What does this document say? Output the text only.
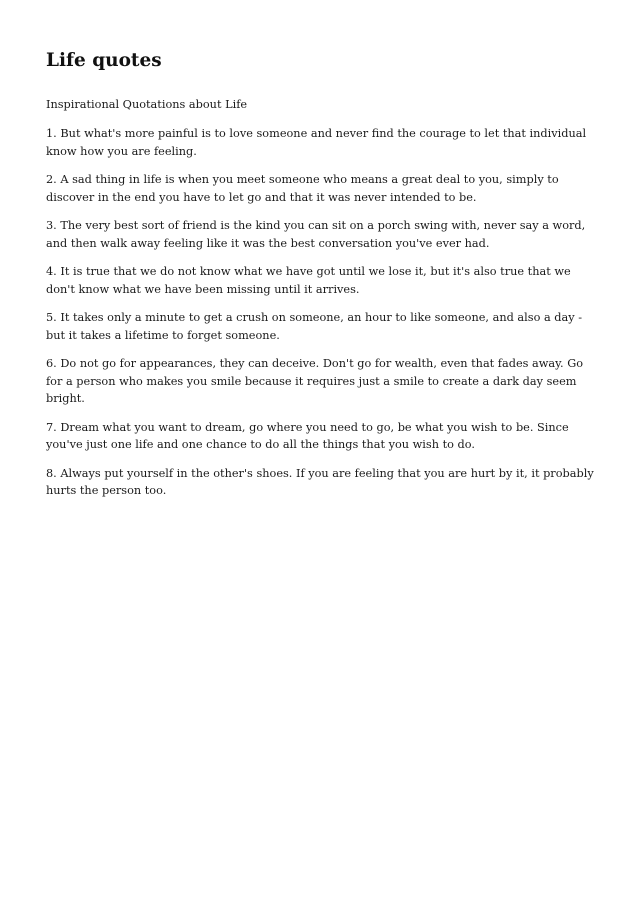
Life quotes

Inspirational Quotations about Life

1. But what's more painful is to love someone and never find the courage to let that individual know how you are feeling.
2. A sad thing in life is when you meet someone who means a great deal to you, simply to discover in the end you have to let go and that it was never intended to be.
3. The very best sort of friend is the kind you can sit on a porch swing with, never say a word, and then walk away feeling like it was the best conversation you've ever had.
4. It is true that we do not know what we have got until we lose it, but it's also true that we don't know what we have been missing until it arrives.
5. It takes only a minute to get a crush on someone, an hour to like someone, and also a day -but it takes a lifetime to forget someone.
6. Do not go for appearances, they can deceive. Don't go for wealth, even that fades away. Go for a person who makes you smile because it requires just a smile to create a dark day seem bright.
7. Dream what you want to dream, go where you need to go, be what you wish to be. Since you've just one life and one chance to do all the things that you wish to do.
8. Always put yourself in the other's shoes. If you are feeling that you are hurt by it, it probably hurts the person too.
